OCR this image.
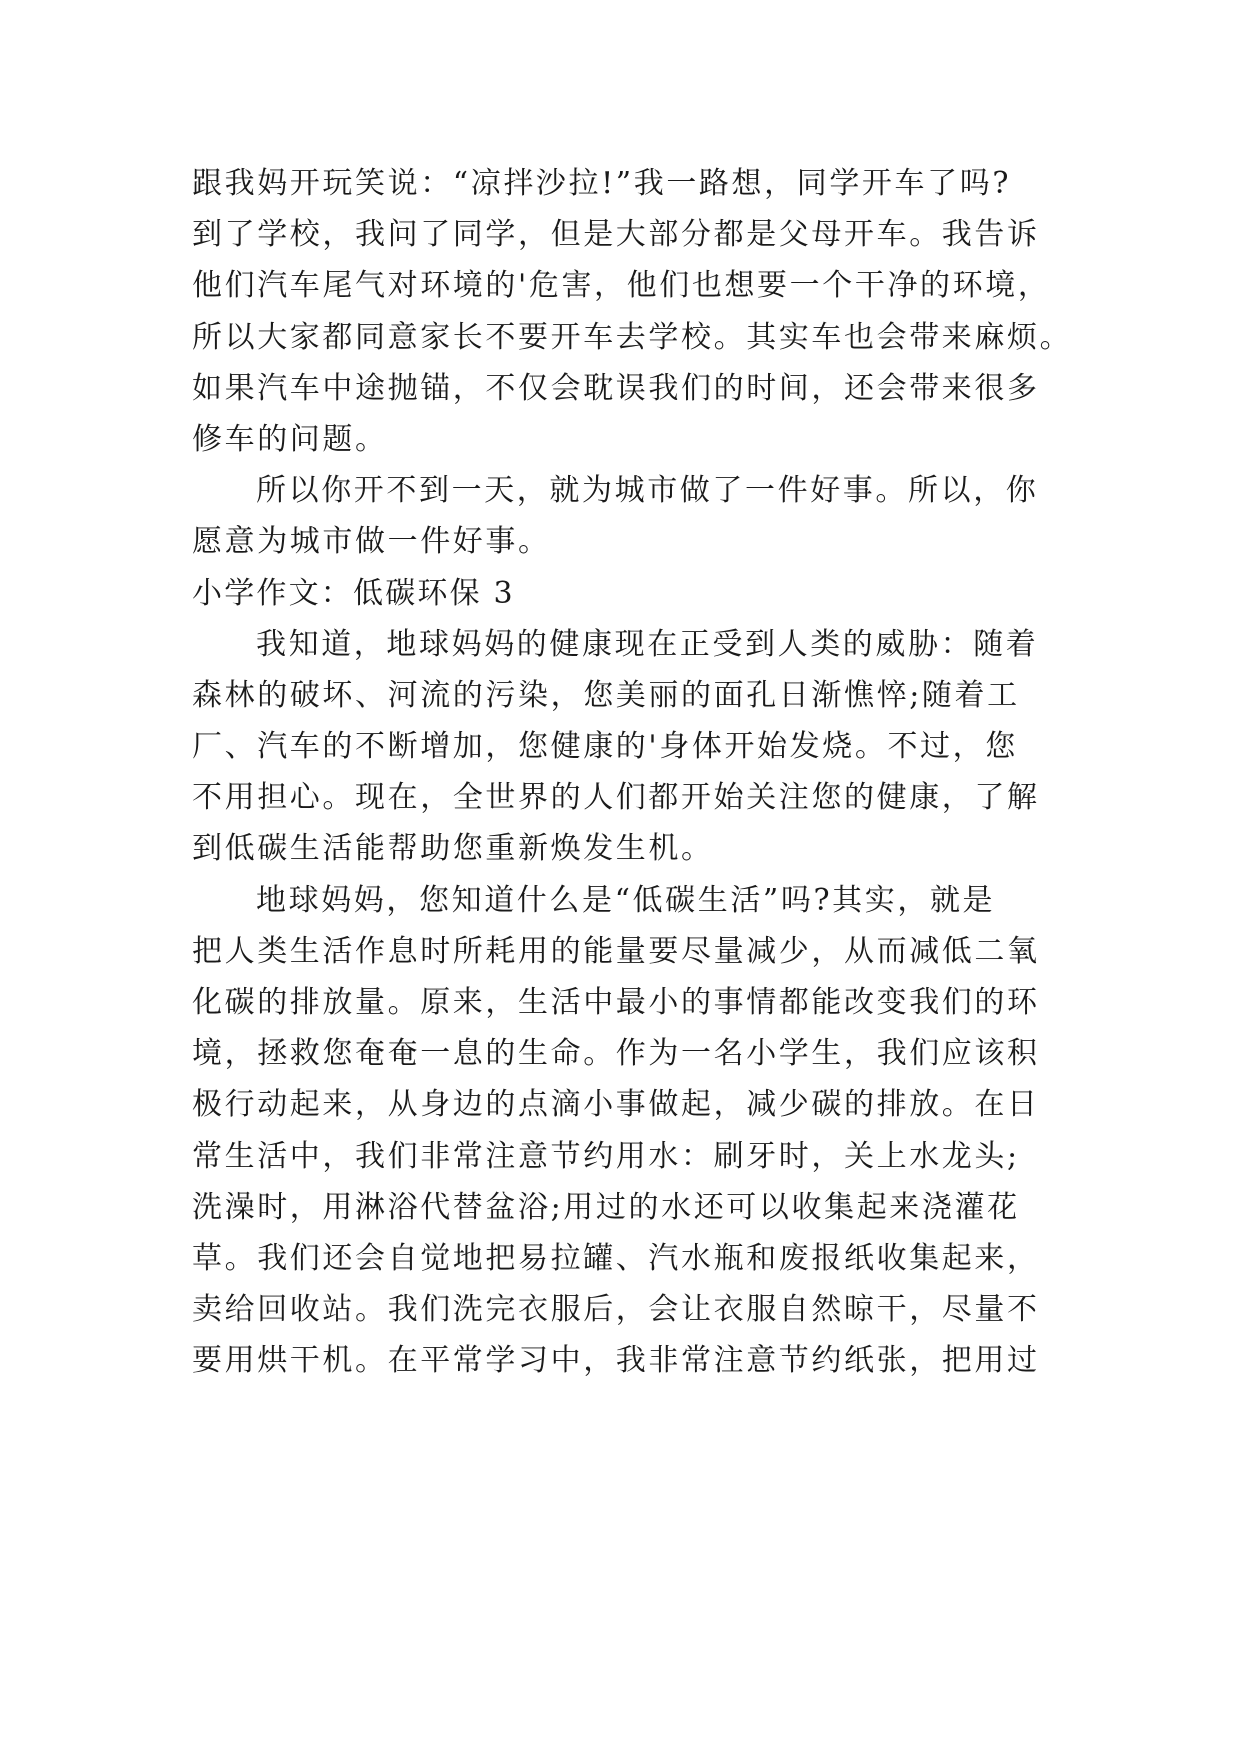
跟我妈开玩笑说：“凉拌沙拉!”我一路想，同学开车了吗?
到了学校，我问了同学，但是大部分都是父母开车。我告诉
他们汽车尾气对环境的'危害，他们也想要一个干净的环境，
所以大家都同意家长不要开车去学校。其实车也会带来麻烦。
如果汽车中途抛锚，不仅会耽误我们的时间，还会带来很多
修车的问题。
所以你开不到一天，就为城市做了一件好事。所以，你
愿意为城市做一件好事。
小学作文：低碳环保 3
我知道，地球妈妈的健康现在正受到人类的威胁：随着
森林的破坏、河流的污染，您美丽的面孔日渐憔悴;随着工
厂、汽车的不断增加，您健康的'身体开始发烧。不过，您
不用担心。现在，全世界的人们都开始关注您的健康，了解
到低碳生活能帮助您重新焕发生机。
地球妈妈，您知道什么是“低碳生活”吗?其实，就是
把人类生活作息时所耗用的能量要尽量减少，从而减低二氧
化碳的排放量。原来，生活中最小的事情都能改变我们的环
境，拯救您奄奄一息的生命。作为一名小学生，我们应该积
极行动起来，从身边的点滴小事做起，减少碳的排放。在日
常生活中，我们非常注意节约用水：刷牙时，关上水龙头;
洗澡时，用淋浴代替盆浴;用过的水还可以收集起来浇灌花
草。我们还会自觉地把易拉罐、汽水瓶和废报纸收集起来，
卖给回收站。我们洗完衣服后，会让衣服自然晾干，尽量不
要用烘干机。在平常学习中，我非常注意节约纸张，把用过
